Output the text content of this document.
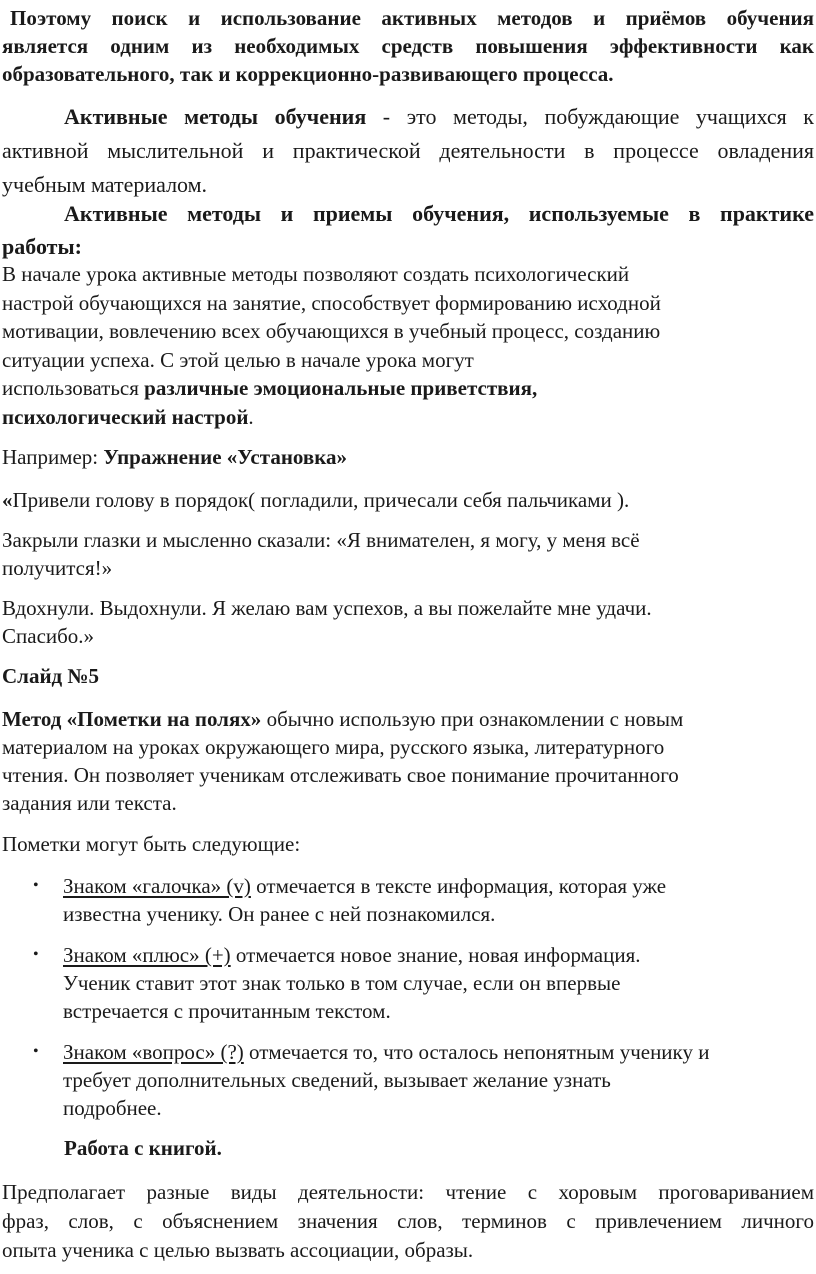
Поэтому поиск и использование активных методов и приёмов обучения
является одним из необходимых средств повышения эффективности как
образовательного, так и коррекционно-развивающего процесса.
Активные методы обучения - это методы, побуждающие учащихся к
активной мыслительной и практической деятельности в процессе овладения
учебным материалом.
Активные методы и приемы обучения, используемые в практике
работы:
В начале урока активные методы позволяют создать психологический
настрой обучающихся на занятие, способствует формированию исходной
мотивации, вовлечению всех обучающихся в учебный процесс, созданию
ситуации успеха. С этой целью в начале урока могут
использоваться различные эмоциональные приветствия,
психологический настрой.
Например: Упражнение «Установка»
«Привели голову в порядок( погладили, причесали себя пальчиками ).
Закрыли глазки и мысленно сказали: «Я внимателен, я могу, у меня всё
получится!»
Вдохнули. Выдохнули. Я желаю вам успехов, а вы пожелайте мне удачи.
Спасибо.»
Слайд №5
Метод «Пометки на полях» обычно использую при ознакомлении с новым
материалом на уроках окружающего мира, русского языка, литературного
чтения. Он позволяет ученикам отслеживать свое понимание прочитанного
задания или текста.
Пометки могут быть следующие:
• Знаком «галочка» (v) отмечается в тексте информация, которая уже
известна ученику. Он ранее с ней познакомился.
• Знаком «плюс» (+) отмечается новое знание, новая информация.
Ученик ставит этот знак только в том случае, если он впервые
встречается с прочитанным текстом.
• Знаком «вопрос» (?) отмечается то, что осталось непонятным ученику и
требует дополнительных сведений, вызывает желание узнать
подробнее.
Работа с книгой.
Предполагает разные виды деятельности: чтение с хоровым проговариванием
фраз, слов, с объяснением значения слов, терминов с привлечением личного
опыта ученика с целью вызвать ассоциации, образы.
